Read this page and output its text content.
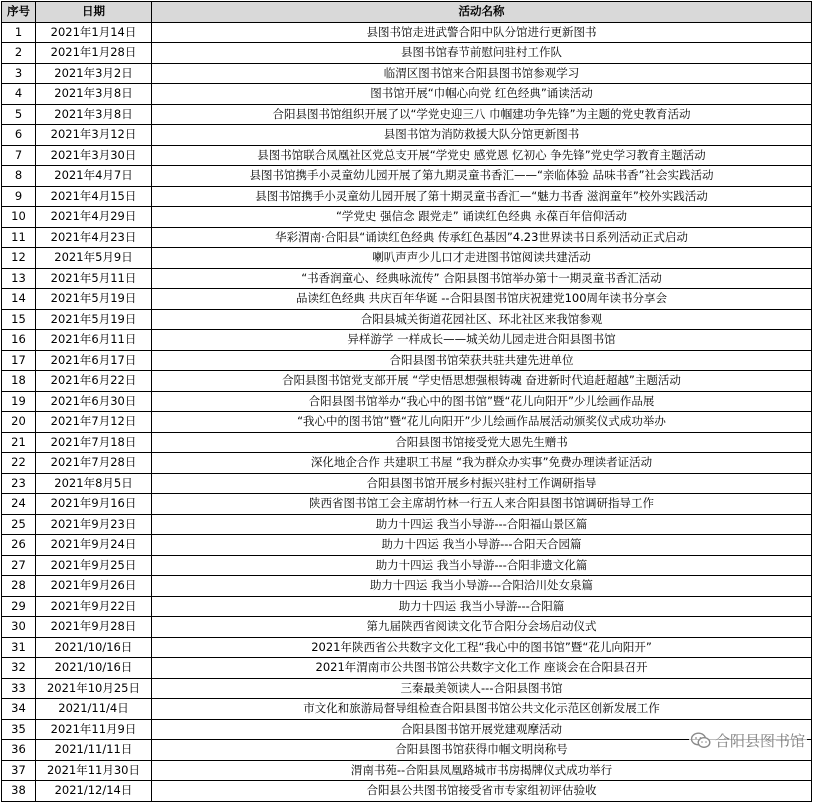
序号	日期	活动名称
1	2021年1月14日	县图书馆走进武警合阳中队分馆进行更新图书
2	2021年1月28日	县图书馆春节前慰问驻村工作队
3	2021年3月2日	临渭区图书馆来合阳县图书馆参观学习
4	2021年3月8日	图书馆开展“巾帼心向党 红色经典”诵读活动
5	2021年3月8日	合阳县图书馆组织开展了以“学党史迎三八 巾帼建功争先锋”为主题的党史教育活动
6	2021年3月12日	县图书馆为消防救援大队分馆更新图书
7	2021年3月30日	县图书馆联合凤凰社区党总支开展“学党史 感党恩 忆初心 争先锋”党史学习教育主题活动
8	2021年4月7日	县图书馆携手小灵童幼儿园开展了第九期灵童书香汇——“亲临体验 品味书香”社会实践活动
9	2021年4月15日	县图书馆携手小灵童幼儿园开展了第十期灵童书香汇—“魅力书香 滋润童年”校外实践活动
10	2021年4月29日	“学党史 强信念 跟党走” 诵读红色经典 永葆百年信仰活动
11	2021年4月23日	华彩渭南·合阳县“诵读红色经典 传承红色基因”4.23世界读书日系列活动正式启动
12	2021年5月9日	喇叭声声少儿口才走进图书馆阅读共建活动
13	2021年5月11日	“书香润童心、经典咏流传” 合阳县图书馆举办第十一期灵童书香汇活动
14	2021年5月19日	品读红色经典 共庆百年华诞 --合阳县图书馆庆祝建党100周年读书分享会
15	2021年5月19日	合阳县城关街道花园社区、环北社区来我馆参观
16	2021年6月11日	异样游学 一样成长——城关幼儿园走进合阳县图书馆
17	2021年6月17日	合阳县图书馆荣获共驻共建先进单位
18	2021年6月22日	合阳县图书馆党支部开展 “学史悟思想强根铸魂 奋进新时代追赶超越”主题活动
19	2021年6月30日	合阳县图书馆举办“我心中的图书馆”暨“花儿向阳开”少儿绘画作品展
20	2021年7月12日	“我心中的图书馆”暨“花儿向阳开”少儿绘画作品展活动颁奖仪式成功举办
21	2021年7月18日	合阳县图书馆接受党大恩先生赠书
22	2021年7月28日	深化地企合作 共建职工书屋 “我为群众办实事”免费办理读者证活动
23	2021年8月5日	合阳县图书馆开展乡村振兴驻村工作调研指导
24	2021年9月16日	陕西省图书馆工会主席胡竹林一行五人来合阳县图书馆调研指导工作
25	2021年9月23日	助力十四运 我当小导游---合阳福山景区篇
26	2021年9月24日	助力十四运 我当小导游---合阳天合园篇
27	2021年9月25日	助力十四运 我当小导游---合阳非遗文化篇
28	2021年9月26日	助力十四运 我当小导游---合阳洽川处女泉篇
29	2021年9月22日	助力十四运 我当小导游---合阳篇
30	2021年9月28日	第九届陕西省阅读文化节合阳分会场启动仪式
31	2021/10/16日	2021年陕西省公共数字文化工程“我心中的图书馆”暨“花儿向阳开”
32	2021/10/16日	2021年渭南市公共图书馆公共数字文化工作 座谈会在合阳县召开
33	2021年10月25日	三秦最美领读人---合阳县图书馆
34	2021/11/4日	市文化和旅游局督导组检查合阳县图书馆公共文化示范区创新发展工作
35	2021年11月9日	合阳县图书馆开展党建观摩活动
36	2021/11/11日	合阳县图书馆获得巾帼文明岗称号
37	2021年11月30日	渭南书苑--合阳县凤凰路城市书房揭牌仪式成功举行
38	2021/12/14日	合阳县公共图书馆接受省市专家组初评估验收
合阳县图书馆
